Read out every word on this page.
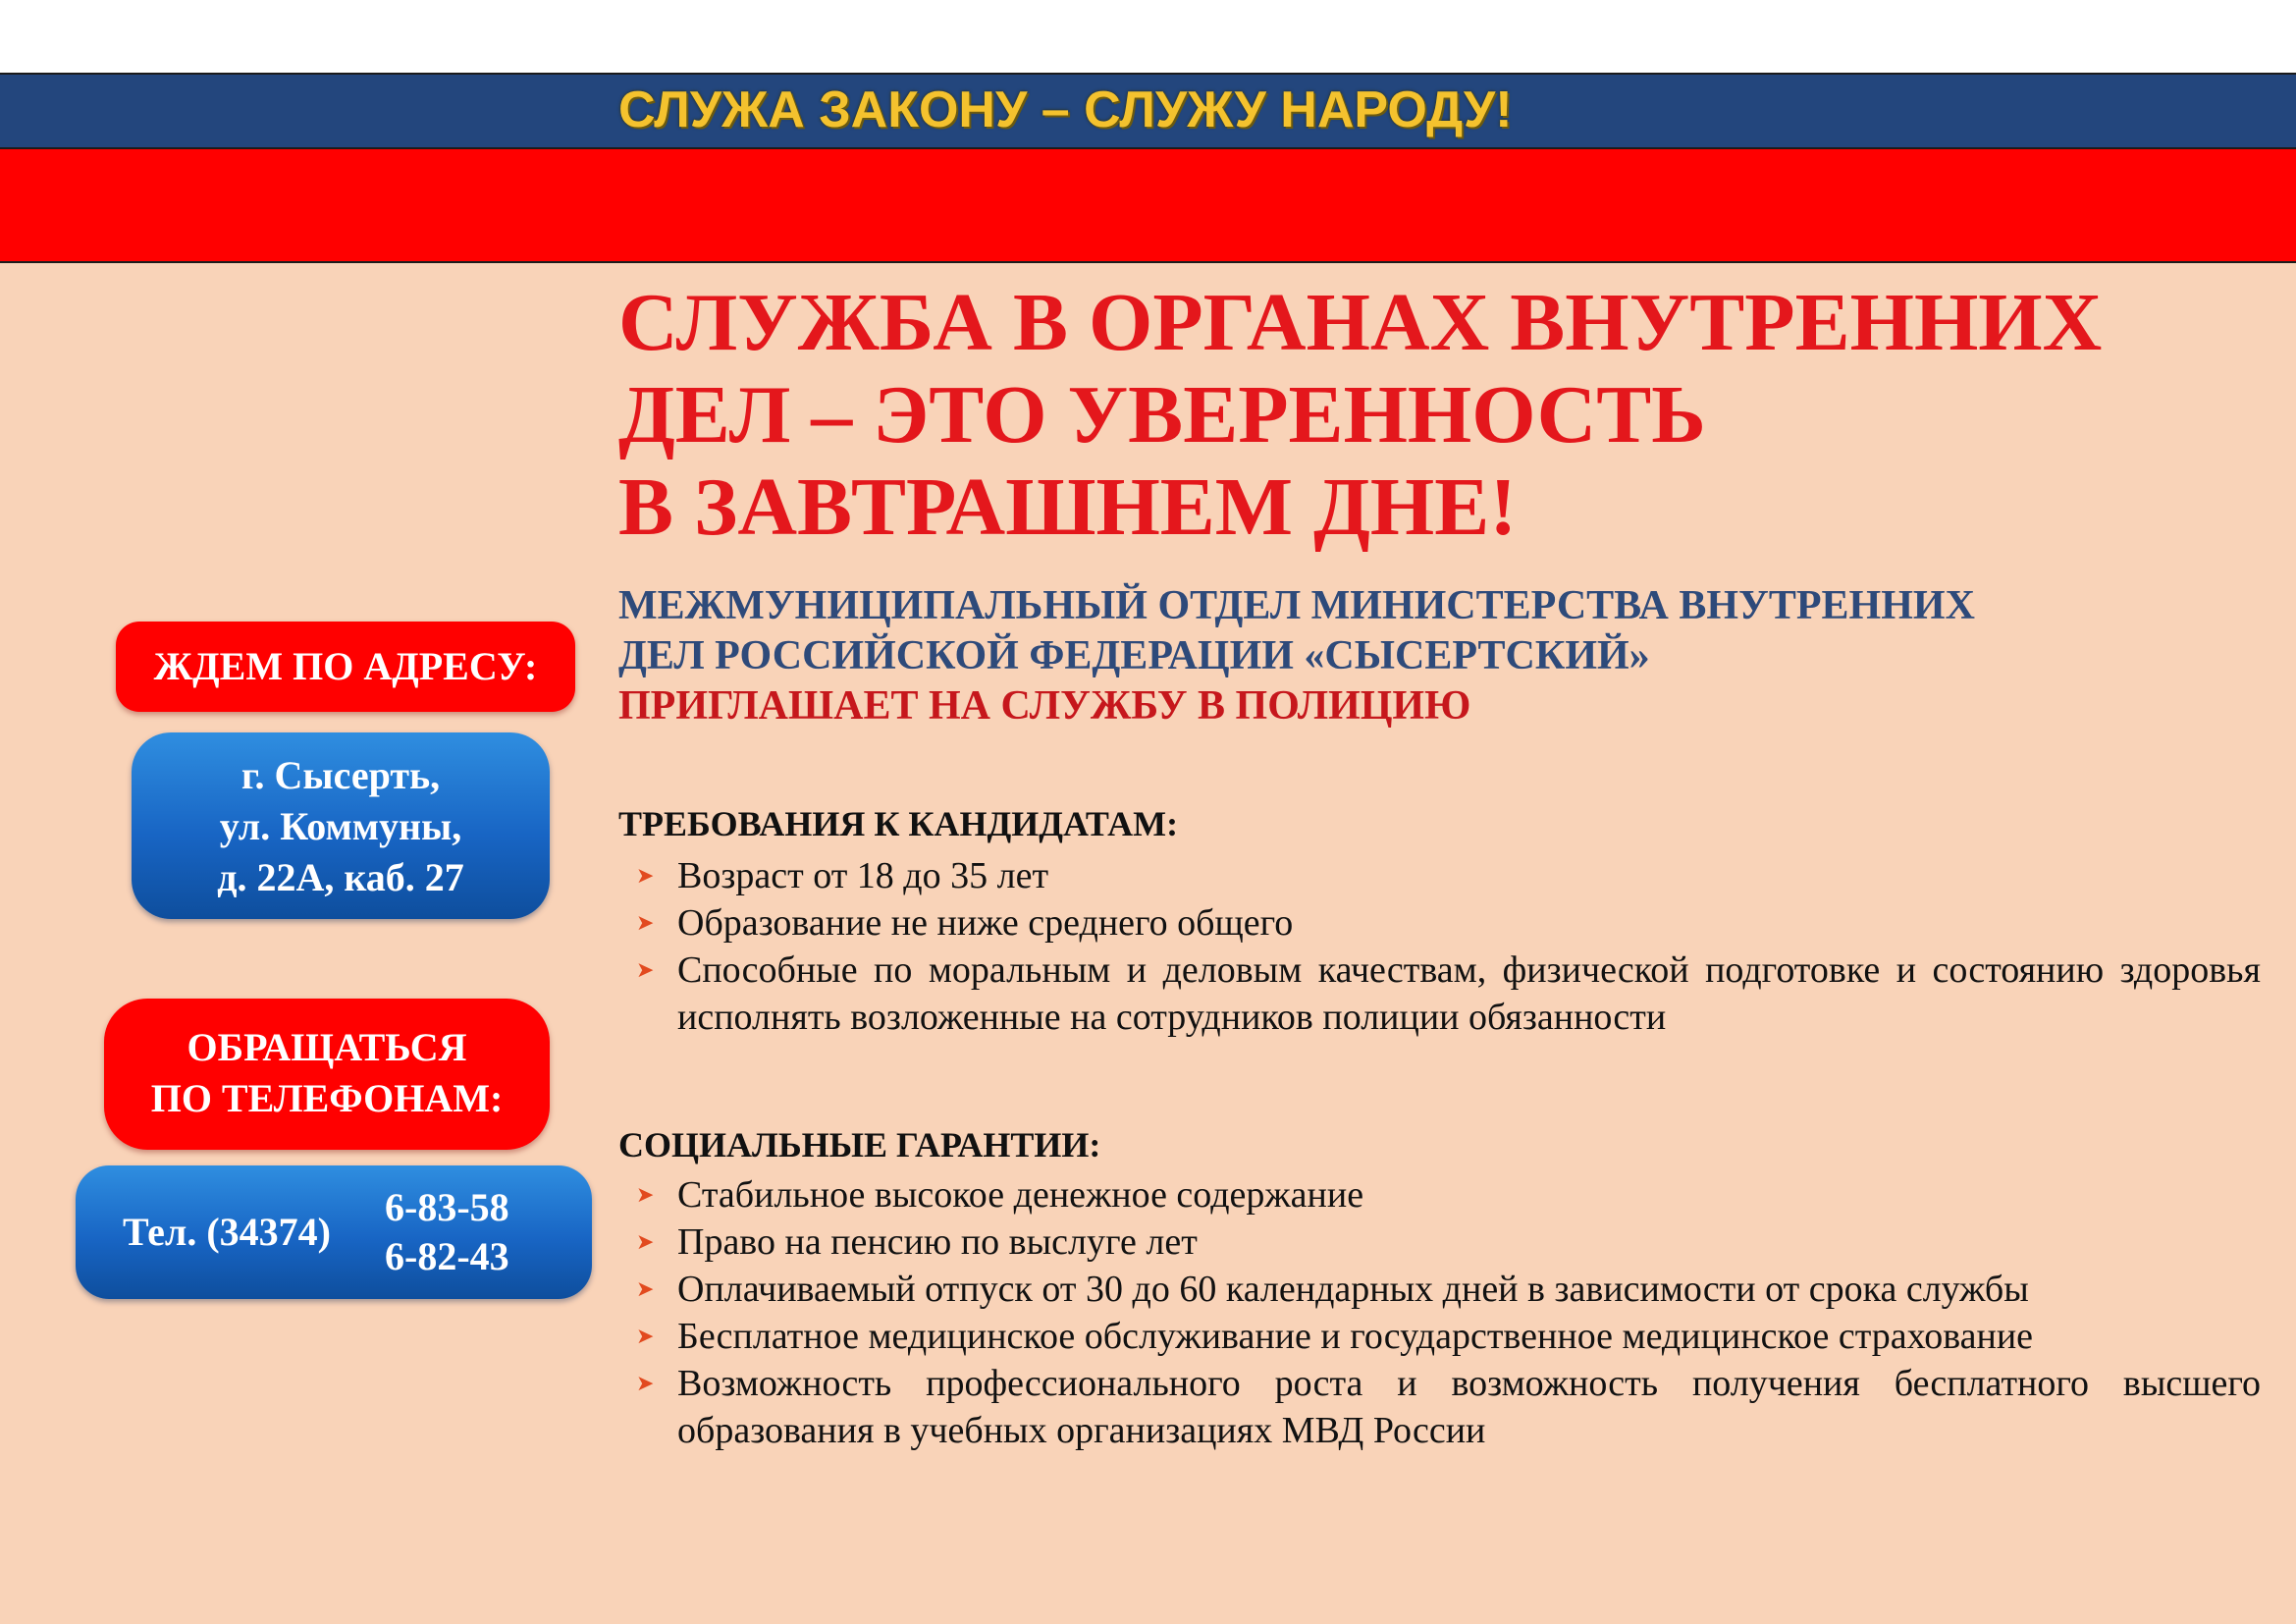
СЛУЖА ЗАКОНУ – СЛУЖУ НАРОДУ!
СЛУЖБА В ОРГАНАХ ВНУТРЕННИХ
ДЕЛ – ЭТО УВЕРЕННОСТЬ
В ЗАВТРАШНЕМ ДНЕ!
МЕЖМУНИЦИПАЛЬНЫЙ ОТДЕЛ МИНИСТЕРСТВА ВНУТРЕННИХ
ДЕЛ РОССИЙСКОЙ ФЕДЕРАЦИИ «СЫСЕРТСКИЙ»
ПРИГЛАШАЕТ НА СЛУЖБУ В ПОЛИЦИЮ
ТРЕБОВАНИЯ К КАНДИДАТАМ:
➤ Возраст от 18 до 35 лет
➤ Образование не ниже среднего общего
➤ Способные по моральным и деловым качествам, физической подготовке и состоянию здоровья исполнять возложенные на сотрудников полиции обязанности
СОЦИАЛЬНЫЕ ГАРАНТИИ:
➤ Стабильное высокое денежное содержание
➤ Право на пенсию по выслуге лет
➤ Оплачиваемый отпуск от 30 до 60 календарных дней в зависимости от срока службы
➤ Бесплатное медицинское обслуживание и государственное медицинское страхование
➤ Возможность профессионального роста и возможность получения бесплатного высшего образования в учебных организациях МВД России
ЖДЕМ ПО АДРЕСУ:
г. Сысерть,
ул. Коммуны,
д. 22А, каб. 27
ОБРАЩАТЬСЯ
ПО ТЕЛЕФОНАМ:
Тел. (34374)
6-83-58
6-82-43
